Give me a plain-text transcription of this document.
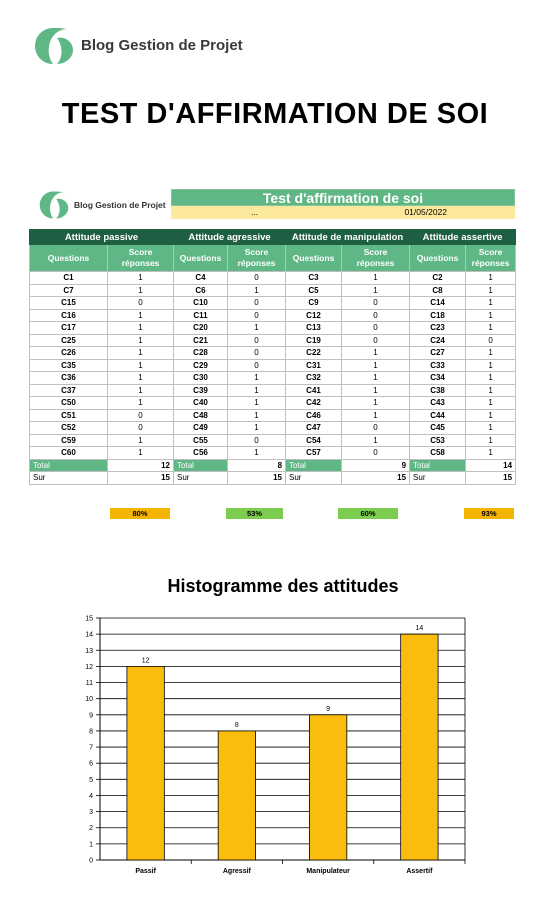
Blog Gestion de Projet
TEST D'AFFIRMATION DE SOI
Blog Gestion de Projet	Test d'affirmation de soi
...	01/05/2022
Attitude passive		Attitude agressive		Attitude de manipulation		Attitude assertive	
Questions	Score réponses	Questions	Score réponses	Questions	Score réponses	Questions	Score réponses
C1	1	C4	0	C3	1	C2	1
C7	1	C6	1	C5	1	C8	1
C15	0	C10	0	C9	0	C14	1
C16	1	C11	0	C12	0	C18	1
C17	1	C20	1	C13	0	C23	1
C25	1	C21	0	C19	0	C24	0
C26	1	C28	0	C22	1	C27	1
C35	1	C29	0	C31	1	C33	1
C36	1	C30	1	C32	1	C34	1
C37	1	C39	1	C41	1	C38	1
C50	1	C40	1	C42	1	C43	1
C51	0	C48	1	C46	1	C44	1
C52	0	C49	1	C47	0	C45	1
C59	1	C55	0	C54	1	C53	1
C60	1	C56	1	C57	0	C58	1
Total	12	Total	8	Total	9	Total	14
Sur	15	Sur	15	Sur	15	Sur	15
80%	53%	60%	93%
Histogramme des attitudes
0
1
2
3
4
5
6
7
8
9
10
11
12
13
14
15
12
Passif
8
Agressif
9
Manipulateur
14
Assertif
